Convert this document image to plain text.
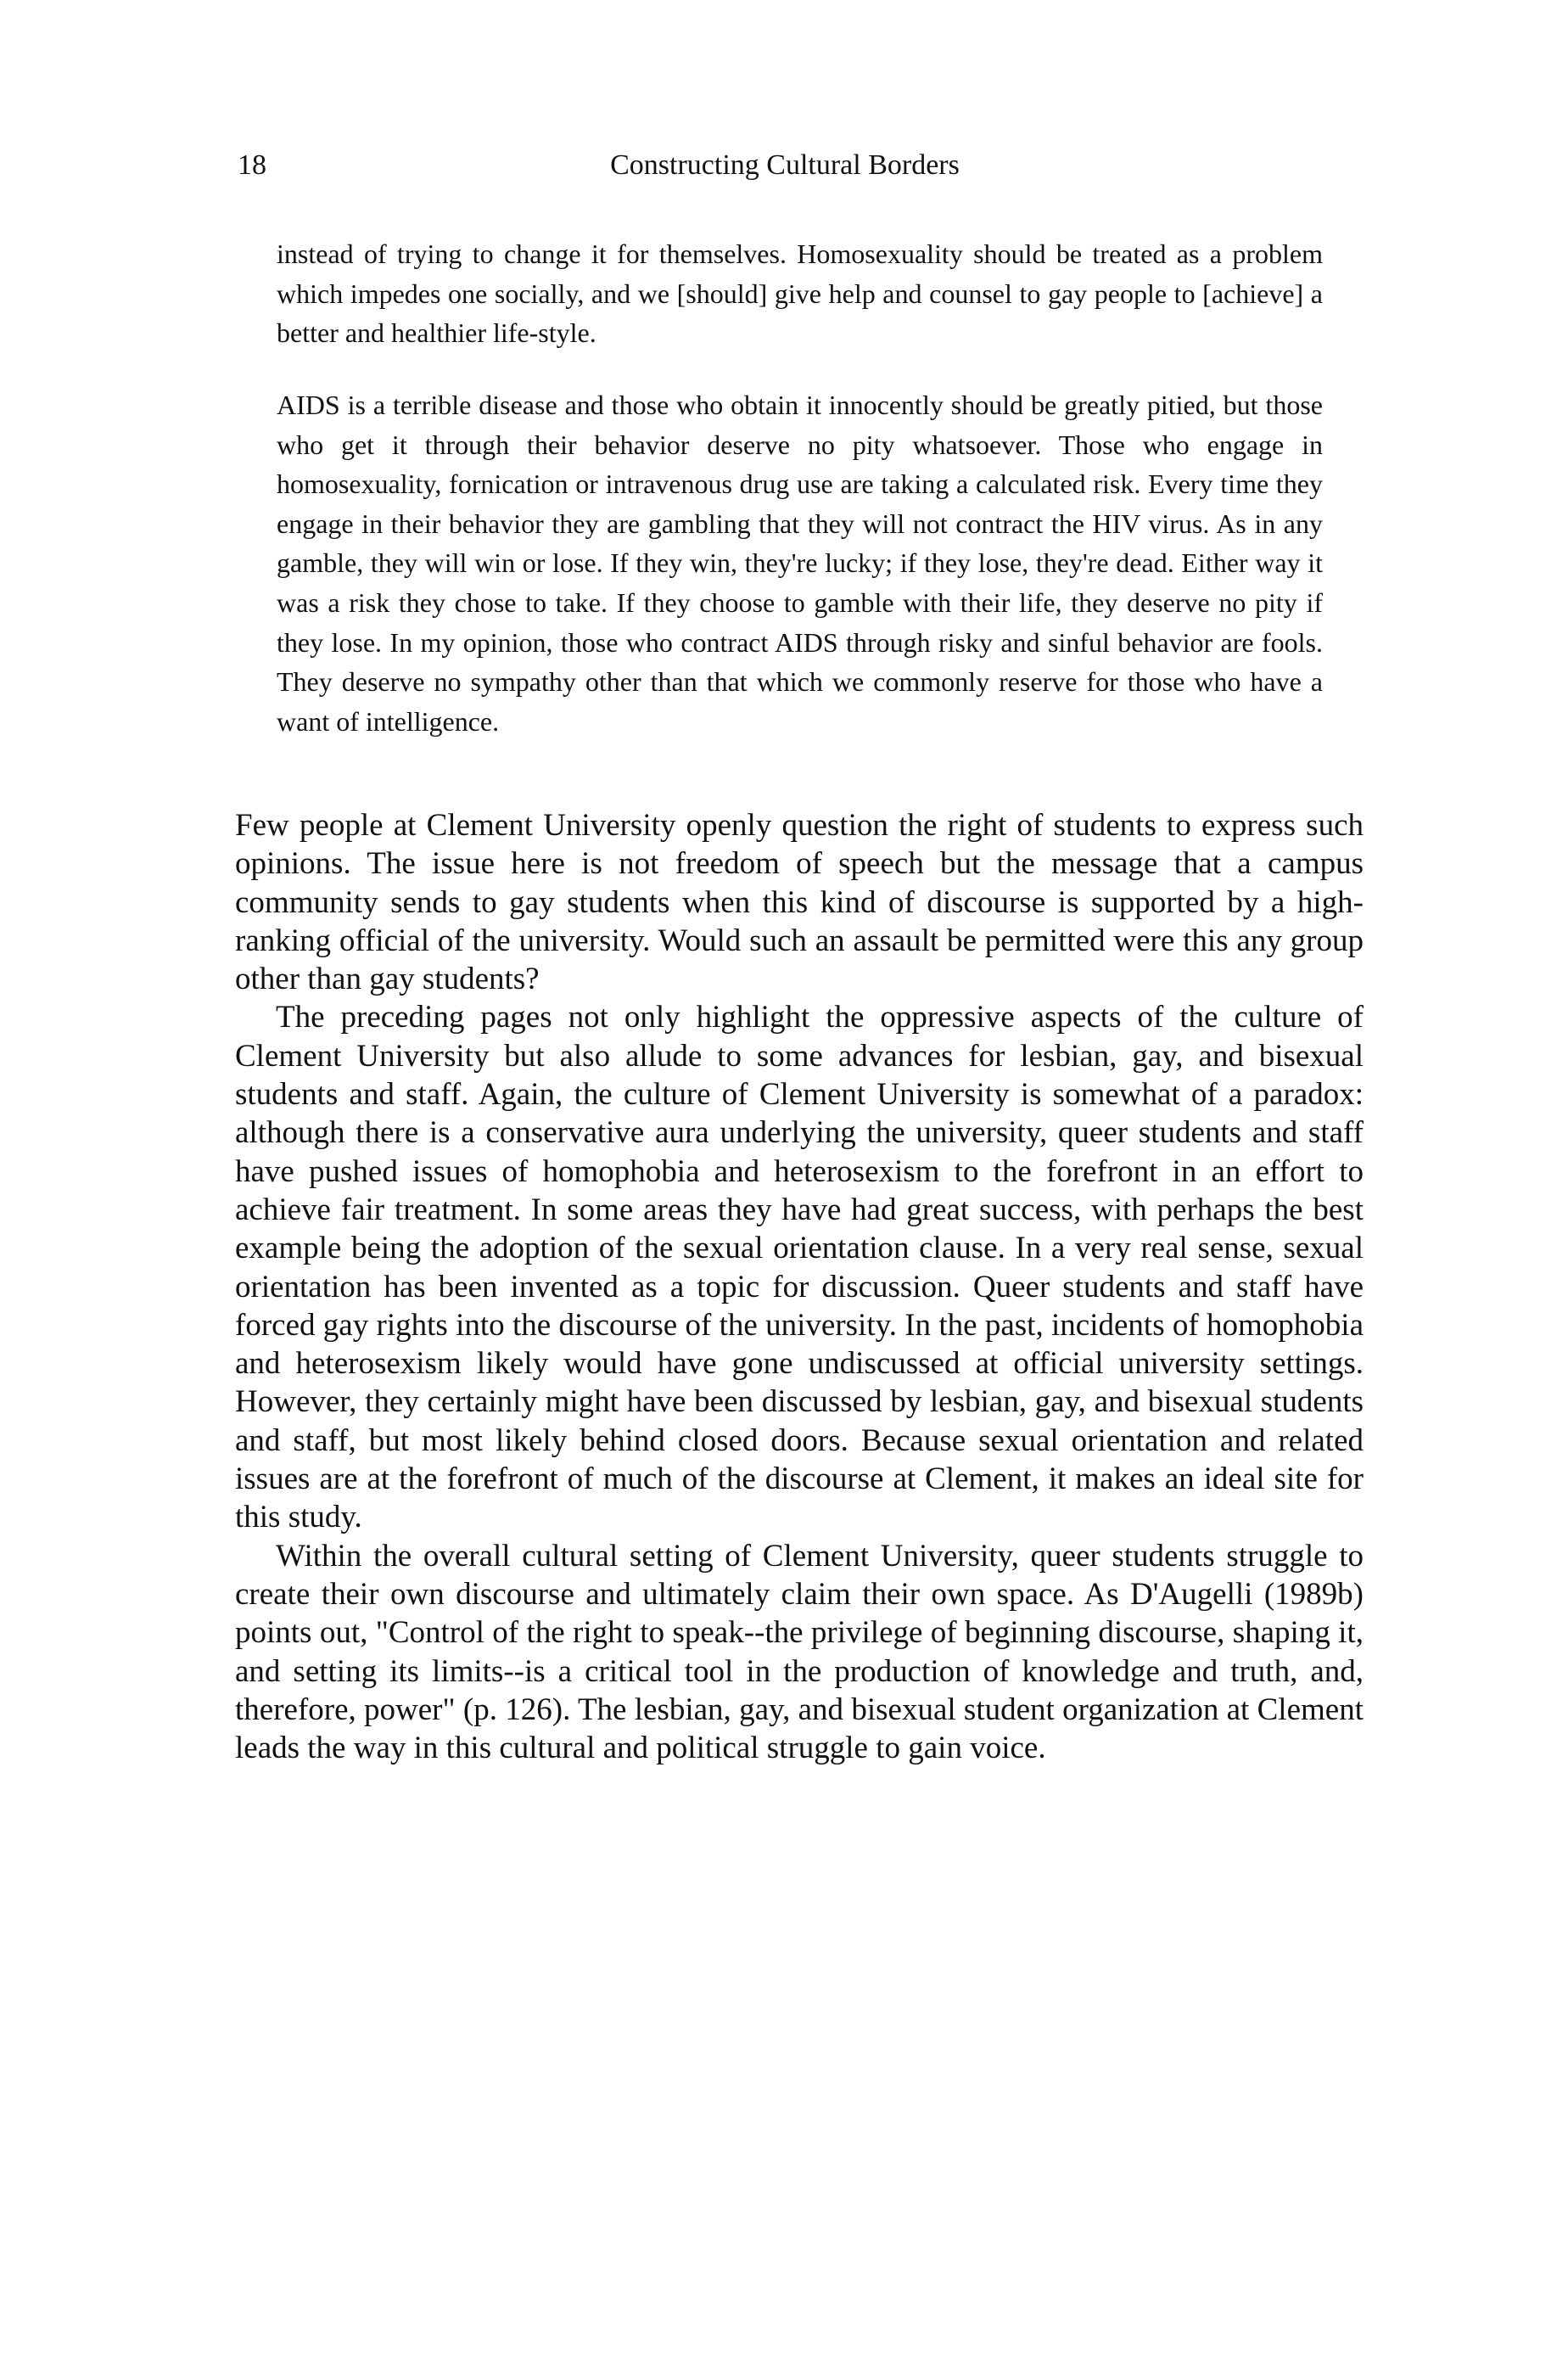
18	Constructing Cultural Borders

instead of trying to change it for themselves. Homosexuality should be treated as a problem which impedes one socially, and we [should] give help and counsel to gay people to [achieve] a better and healthier life-style.

AIDS is a terrible disease and those who obtain it innocently should be greatly pitied, but those who get it through their behavior deserve no pity whatsoever. Those who engage in homosexuality, fornication or intravenous drug use are taking a calculated risk. Every time they engage in their behavior they are gambling that they will not contract the HIV virus. As in any gamble, they will win or lose. If they win, they're lucky; if they lose, they're dead. Either way it was a risk they chose to take. If they choose to gamble with their life, they deserve no pity if they lose. In my opinion, those who contract AIDS through risky and sinful behavior are fools. They deserve no sympathy other than that which we commonly reserve for those who have a want of intelligence.

Few people at Clement University openly question the right of students to express such opinions. The issue here is not freedom of speech but the message that a campus community sends to gay students when this kind of discourse is supported by a high-ranking official of the university. Would such an assault be permitted were this any group other than gay students?

The preceding pages not only highlight the oppressive aspects of the culture of Clement University but also allude to some advances for lesbian, gay, and bisexual students and staff. Again, the culture of Clement University is somewhat of a paradox: although there is a conservative aura underlying the university, queer students and staff have pushed issues of homophobia and heterosexism to the forefront in an effort to achieve fair treatment. In some areas they have had great success, with perhaps the best example being the adoption of the sexual orientation clause. In a very real sense, sexual orientation has been invented as a topic for discussion. Queer students and staff have forced gay rights into the discourse of the university. In the past, incidents of homophobia and heterosexism likely would have gone undiscussed at official university settings. However, they certainly might have been discussed by lesbian, gay, and bisexual students and staff, but most likely behind closed doors. Because sexual orientation and related issues are at the forefront of much of the discourse at Clement, it makes an ideal site for this study.

Within the overall cultural setting of Clement University, queer students struggle to create their own discourse and ultimately claim their own space. As D'Augelli (1989b) points out, "Control of the right to speak--the privilege of beginning discourse, shaping it, and setting its limits--is a critical tool in the production of knowledge and truth, and, therefore, power" (p. 126). The lesbian, gay, and bisexual student organization at Clement leads the way in this cultural and political struggle to gain voice.
